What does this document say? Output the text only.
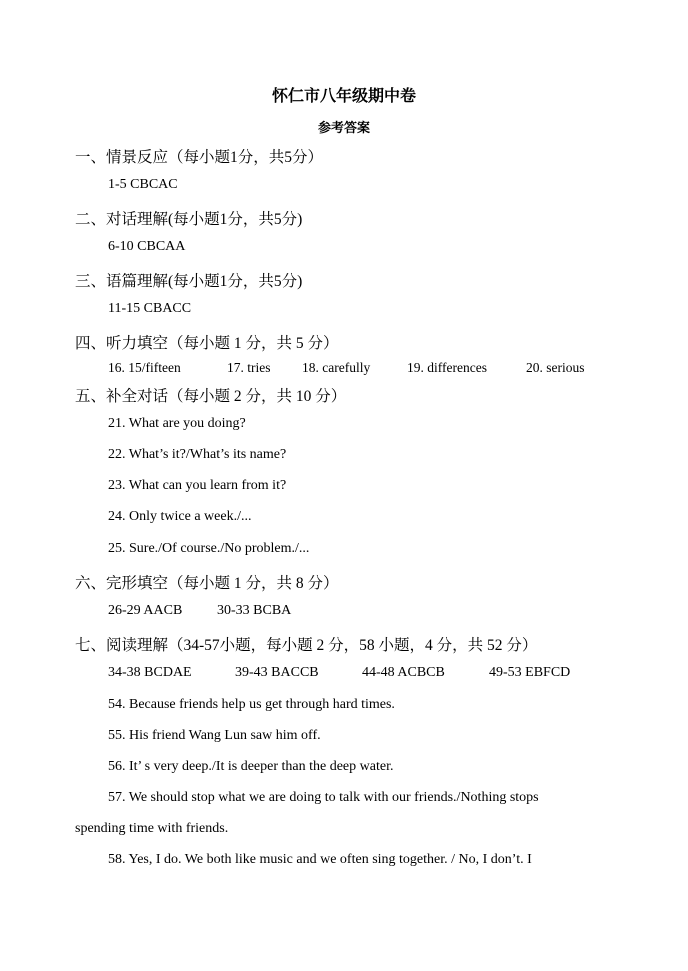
怀仁市八年级期中卷
参考答案
一、情景反应（每小题1分，共5分）
1-5 CBCAC
二、对话理解(每小题1分，共5分)
6-10 CBCAA
三、语篇理解(每小题1分，共5分)
11-15 CBACC
四、听力填空（每小题 1 分，共 5 分）
16. 15/fifteen	17. tries	18. carefully	19. differences	20. serious
五、补全对话（每小题 2 分，共 10 分）
21. What are you doing?
22. What’s it?/What’s its name?
23. What can you learn from it?
24. Only twice a week./...
25. Sure./Of course./No problem./...
六、完形填空（每小题 1 分，共 8 分）
26-29 AACB	30-33 BCBA
七、阅读理解（34-57小题，每小题 2 分，58 小题，4 分，共 52 分）
34-38 BCDAE	39-43 BACCB	44-48 ACBCB	49-53 EBFCD
54. Because friends help us get through hard times.
55. His friend Wang Lun saw him off.
56. It’ s very deep./It is deeper than the deep water.
57. We should stop what we are doing to talk with our friends./Nothing stops
spending time with friends.
58. Yes, I do. We both like music and we often sing together. / No, I don’t. I
